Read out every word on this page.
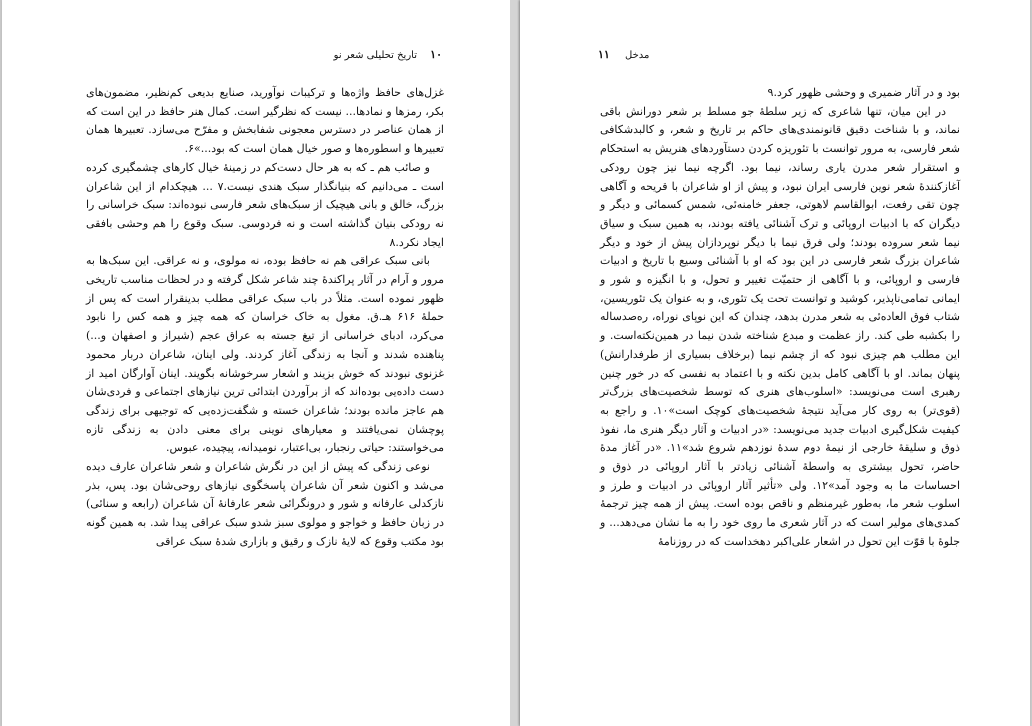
۱۰ تاریخ تحلیلی شعر نو

غزل‌های حافظ واژه‌ها و ترکیبات نوآورید، صنایع بدیعی کم‌نظیر، مضمون‌های بکر، رمزها و نمادها... نیست که نظرگیر است. کمال هنر حافظ در این است که از همان عناصر در دسترس معجونی شفابخش و مفرّح می‌سازد. تعبیرها همان تعبیرها و اسطوره‌ها و صور خیال همان است که بود...»۶.

و صائب هم ـ که به هر حال دست‌کم در زمینهٔ خیال کارهای چشمگیری کرده است ـ می‌دانیم که بنیانگذار سبک هندی نیست.۷ ... هیچکدام از این شاعران بزرگ، خالق و بانی هیچیک از سبک‌های شعر فارسی نبوده‌اند: سبک خراسانی را نه رودکی بنیان گذاشته است و نه فردوسی. سبک وقوع را هم وحشی بافقی ایجاد نکرد.۸

بانی سبک عراقی هم نه حافظ بوده، نه مولوی، و نه عراقی. این سبک‌ها به مرور و آرام در آثار پراکندهٔ چند شاعر شکل گرفته و در لحظات مناسب تاریخی ظهور نموده است. مثلاً در باب سبک عراقی مطلب بدینقرار است که پس از حملهٔ ۶۱۶ هـ.ق. مغول به خاک خراسان که همه چیز و همه کس را نابود می‌کرد، ادبای خراسانی از تیغ جسته به عراق عجم (شیراز و اصفهان و...) پناهنده شدند و آنجا به زندگی آغاز کردند. ولی اینان، شاعران دربار محمود غزنوی نبودند که خوش بزیند و اشعار سرخوشانه بگویند. اینان آوارگان امید از دست داده‌یی بوده‌اند که از برآوردن ابتدائی ترین نیازهای اجتماعی و فردی‌شان هم عاجز مانده بودند؛ شاعران خسته و شگفت‌زده‌یی که توجیهی برای زندگی پوچشان نمی‌یافتند و معیارهای نوینی برای معنی دادن به زندگی تازه می‌خواستند: حیاتی رنجبار، بی‌اعتبار، نومیدانه، پیچیده، عبوس.

نوعی زندگی که پیش از این در نگرش شاعران و شعر شاعران عارف دیده می‌شد و اکنون شعر آن شاعران پاسخگوی نیازهای روحی‌شان بود. پس، بذر نازکدلی عارفانه و شور و درونگرائی شعر عارفانهٔ آن شاعران (رابعه و سنائی) در زبان حافظ و خواجو و مولوی سبز شدو سبک عراقی پیدا شد. به همین گونه بود مکتب وقوع که لایهٔ نازک و رقیق و بازاری شدهٔ سبک عراقی

۱۱ مدخل

بود و در آثار ضمیری و وحشی ظهور کرد.۹

در این میان، تنها شاعری که زیر سلطهٔ جو مسلط بر شعر دورانش باقی نماند، و با شناخت دقیق قانونمندی‌های حاکم بر تاریخ و شعر، و کالبدشکافی شعر فارسی، به مرور توانست با تئوریزه کردن دستآوردهای هنریش به استحکام و استقرار شعر مدرن یاری رساند، نیما بود. اگرچه نیما نیز چون رودکی آغازکنندهٔ شعر نوین فارسی ایران نبود، و پیش از او شاعران با قریحه و آگاهی چون تقی رفعت، ابوالقاسم لاهوتی، جعفر خامنه‌ئی، شمس کسمائی و دیگر و دیگران که با ادبیات اروپائی و ترک آشنائی یافته بودند، به همین سبک و سیاق نیما شعر سروده بودند؛ ولی فرق نیما با دیگر نوپردازان پیش از خود و دیگر شاعران بزرگ شعر فارسی در این بود که او با آشنائی وسیع با تاریخ و ادبیات فارسی و اروپائی، و با آگاهی از حتمیّت تغییر و تحول، و با انگیزه و شور و ایمانی تمامی‌ناپذیر، کوشید و توانست تحت یک تئوری، و به عنوان یک تئوریسین، شتاب فوق العاده‌ئی به شعر مدرن بدهد، چندان که این نوپای نوراه، ره‌صدساله را بکشبه طی کند. راز عظمت و مبدع شناخته شدن نیما در همین‌نکته‌است. و این مطلب هم چیزی نبود که از چشم نیما (برخلاف بسیاری از طرفدارانش) پنهان بماند. او با آگاهی کامل بدین نکته و با اعتماد به نفسی که در خور چنین رهبری است می‌نویسد: «اسلوب‌های هنری که توسط شخصیت‌های بزرگ‌تر (قوی‌تر) به روی کار می‌آید نتیجهٔ شخصیت‌های کوچک است»۱۰. و راجع به کیفیت شکل‌گیری ادبیات جدید می‌نویسد: «در ادبیات و آثار دیگر هنری ما، نفوذ ذوق و سلیقهٔ خارجی از نیمهٔ دوم سدهٔ نوزدهم شروع شد»۱۱. «در آغاز مدهٔ حاضر، تحول بیشتری به واسطهٔ آشنائی زیادتر با آثار اروپائی در ذوق و احساسات ما به وجود آمد»۱۲. ولی «تأثیر آثار اروپائی در ادبیات و طرز و اسلوب شعر ما، به‌طور غیرمنظم و ناقص بوده است. پیش از همه چیز ترجمهٔ کمدی‌های مولیر است که در آثار شعری ما روی خود را به ما نشان می‌دهد... و جلوهٔ با قوّت این تحول در اشعار علی‌اکبر دهخداست که در روزنامهٔ
